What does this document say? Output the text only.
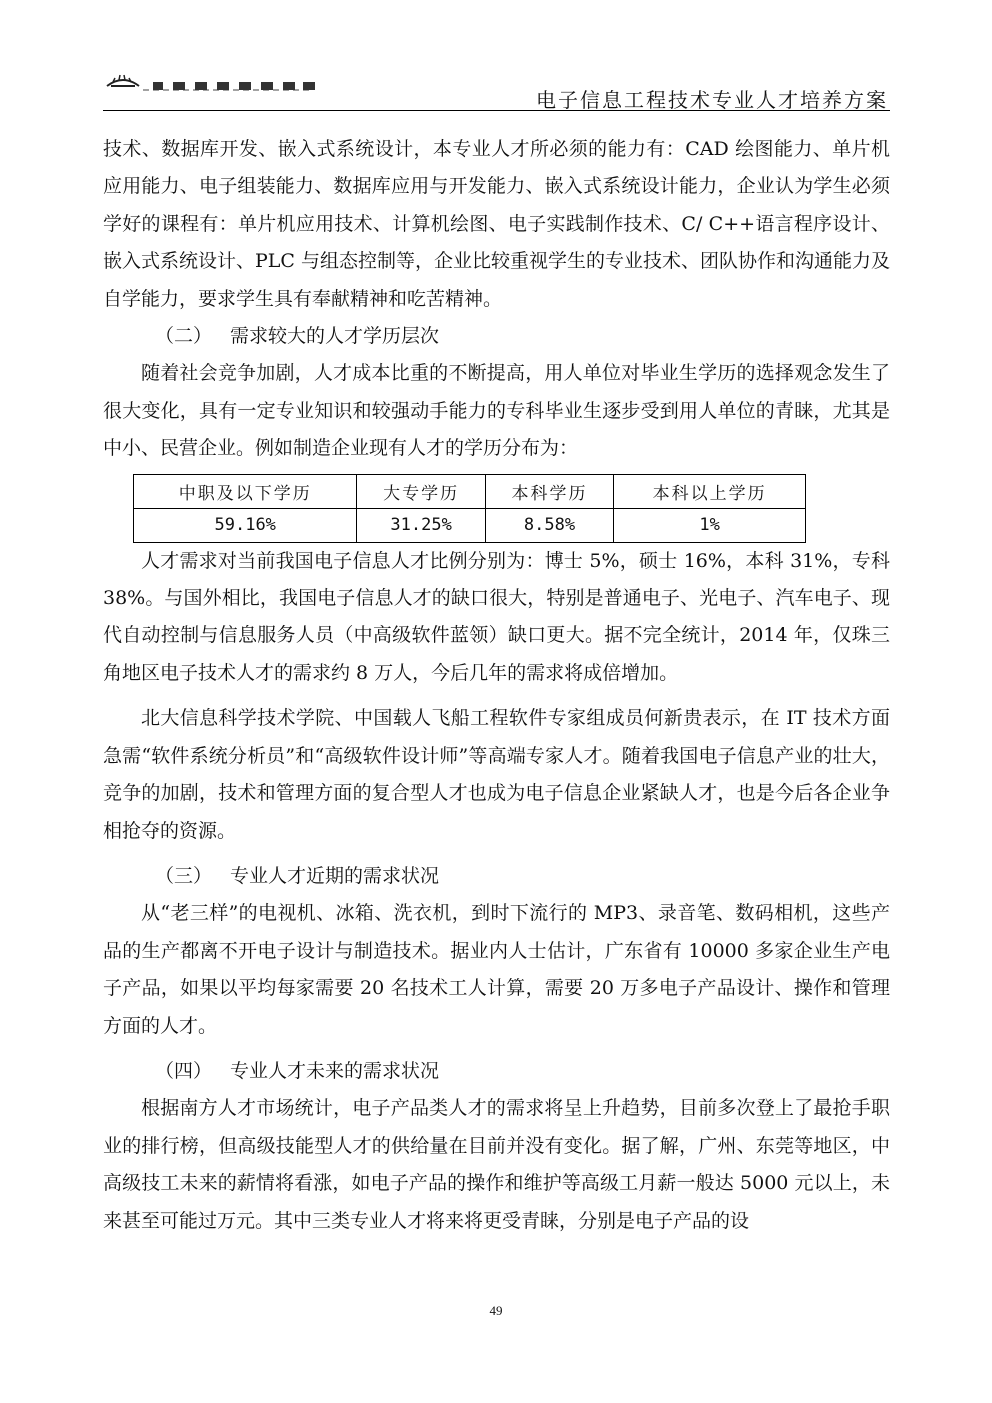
电子信息工程技术专业人才培养方案

技术、数据库开发、嵌入式系统设计，本专业人才所必须的能力有：CAD 绘图能力、单片机应用能力、电子组装能力、数据库应用与开发能力、嵌入式系统设计能力，企业认为学生必须学好的课程有：单片机应用技术、计算机绘图、电子实践制作技术、C/ C++语言程序设计、嵌入式系统设计、PLC 与组态控制等，企业比较重视学生的专业技术、团队协作和沟通能力及自学能力，要求学生具有奉献精神和吃苦精神。

（二） 需求较大的人才学历层次

随着社会竞争加剧，人才成本比重的不断提高，用人单位对毕业生学历的选择观念发生了很大变化，具有一定专业知识和较强动手能力的专科毕业生逐步受到用人单位的青睐，尤其是中小、民营企业。例如制造企业现有人才的学历分布为：

中职及以下学历	大专学历	本科学历	本科以上学历
59.16%	31.25%	8.58%	1%

人才需求对当前我国电子信息人才比例分别为：博士 5%，硕士 16%，本科 31%，专科 38%。与国外相比，我国电子信息人才的缺口很大，特别是普通电子、光电子、汽车电子、现代自动控制与信息服务人员（中高级软件蓝领）缺口更大。据不完全统计，2014 年，仅珠三角地区电子技术人才的需求约 8 万人，今后几年的需求将成倍增加。

北大信息科学技术学院、中国载人飞船工程软件专家组成员何新贵表示，在 IT 技术方面急需“软件系统分析员”和“高级软件设计师”等高端专家人才。随着我国电子信息产业的壮大，竞争的加剧，技术和管理方面的复合型人才也成为电子信息企业紧缺人才，也是今后各企业争相抢夺的资源。

（三） 专业人才近期的需求状况

从“老三样”的电视机、冰箱、洗衣机，到时下流行的 MP3、录音笔、数码相机，这些产品的生产都离不开电子设计与制造技术。据业内人士估计，广东省有 10000 多家企业生产电子产品，如果以平均每家需要 20 名技术工人计算，需要 20 万多电子产品设计、操作和管理方面的人才。

（四） 专业人才未来的需求状况

根据南方人才市场统计，电子产品类人才的需求将呈上升趋势，目前多次登上了最抢手职业的排行榜，但高级技能型人才的供给量在目前并没有变化。据了解，广州、东莞等地区，中高级技工未来的薪情将看涨，如电子产品的操作和维护等高级工月薪一般达 5000 元以上，未来甚至可能过万元。其中三类专业人才将来将更受青睐，分别是电子产品的设

49
